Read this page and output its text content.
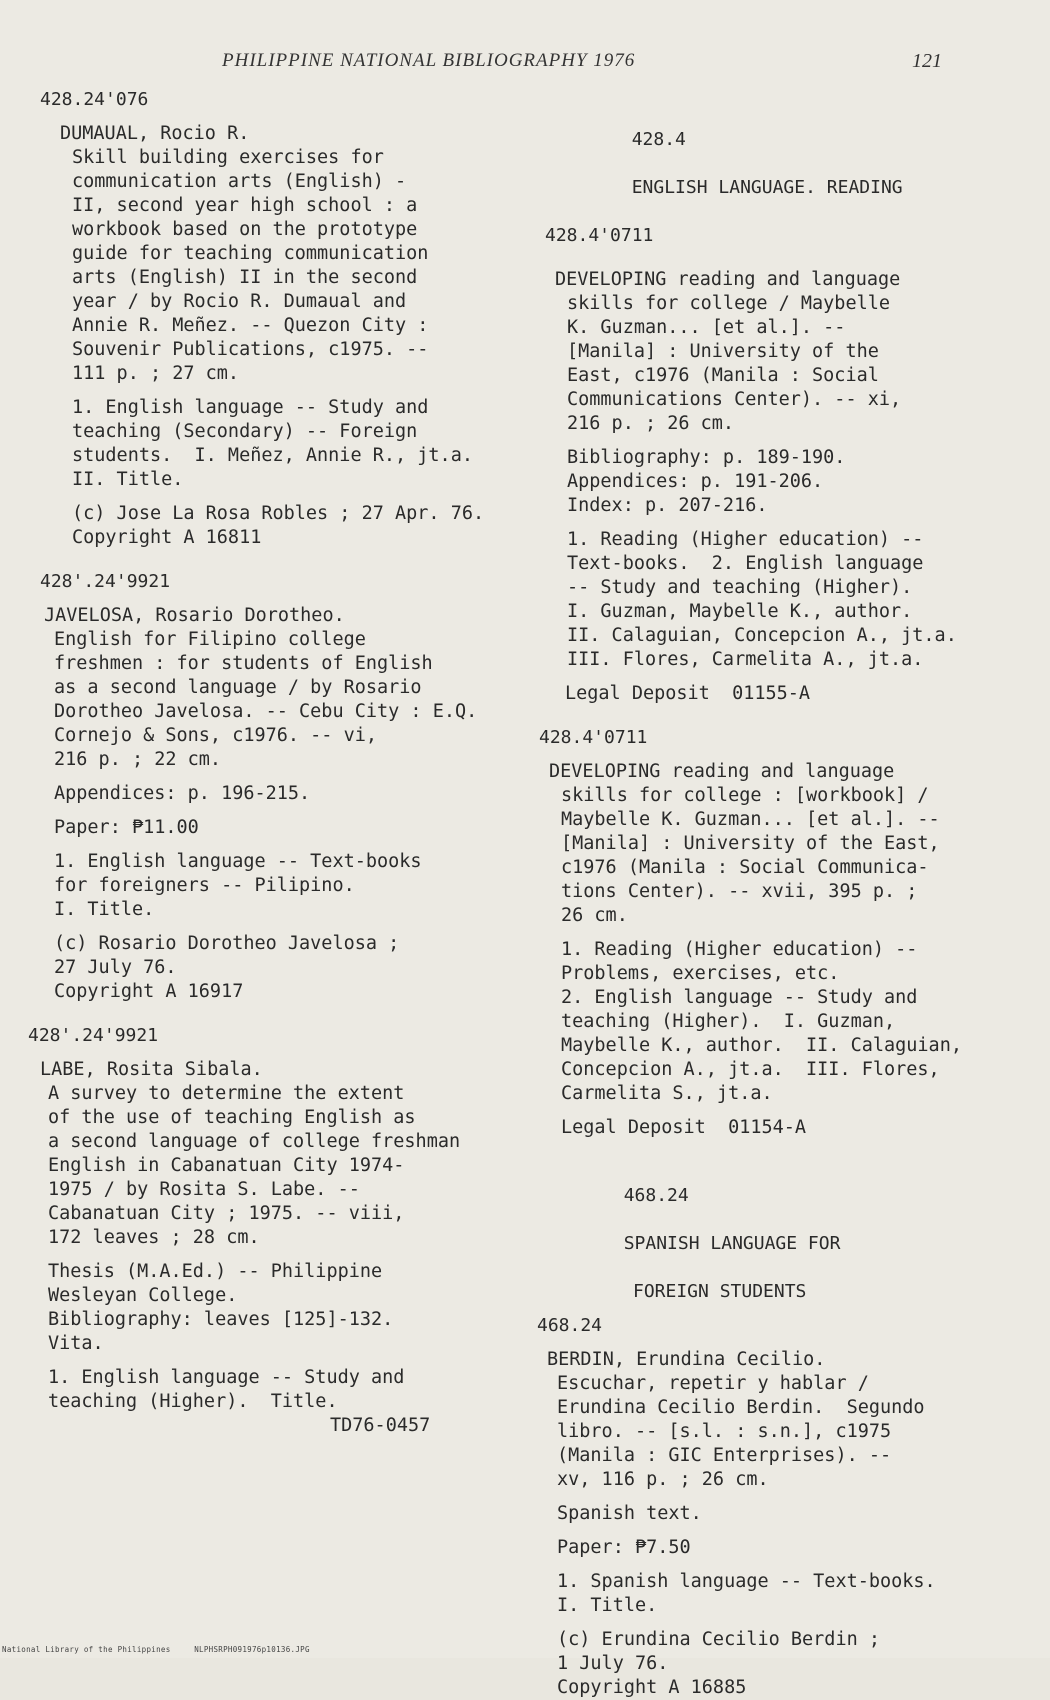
PHILIPPINE NATIONAL BIBLIOGRAPHY 1976	121
428.24'076
DUMAUAL, Rocio R.
Skill building exercises for
communication arts (English) -
II, second year high school : a
workbook based on the prototype
guide for teaching communication
arts (English) II in the second
year / by Rocio R. Dumaual and
Annie R. Meñez. -- Quezon City :
Souvenir Publications, c1975. --
111 p. ; 27 cm.
1. English language -- Study and
teaching (Secondary) -- Foreign
students.  I. Meñez, Annie R., jt.a.
II. Title.
(c) Jose La Rosa Robles ; 27 Apr. 76.
Copyright A 16811
428'.24'9921
JAVELOSA, Rosario Dorotheo.
English for Filipino college
freshmen : for students of English
as a second language / by Rosario
Dorotheo Javelosa. -- Cebu City : E.Q.
Cornejo & Sons, c1976. -- vi,
216 p. ; 22 cm.
Appendices: p. 196-215.
Paper: ₱11.00
1. English language -- Text-books
for foreigners -- Pilipino.
I. Title.
(c) Rosario Dorotheo Javelosa ;
27 July 76.
Copyright A 16917
428'.24'9921
LABE, Rosita Sibala.
A survey to determine the extent
of the use of teaching English as
a second language of college freshman
English in Cabanatuan City 1974-
1975 / by Rosita S. Labe. --
Cabanatuan City ; 1975. -- viii,
172 leaves ; 28 cm.
Thesis (M.A.Ed.) -- Philippine
Wesleyan College.
Bibliography: leaves [125]-132.
Vita.
1. English language -- Study and
teaching (Higher).  Title.
TD76-0457

428.4

ENGLISH LANGUAGE. READING

428.4'0711
DEVELOPING reading and language
skills for college / Maybelle
K. Guzman... [et al.]. --
[Manila] : University of the
East, c1976 (Manila : Social
Communications Center). -- xi,
216 p. ; 26 cm.
Bibliography: p. 189-190.
Appendices: p. 191-206.
Index: p. 207-216.
1. Reading (Higher education) --
Text-books.  2. English language
-- Study and teaching (Higher).
I. Guzman, Maybelle K., author.
II. Calaguian, Concepcion A., jt.a.
III. Flores, Carmelita A., jt.a.
Legal Deposit  01155-A
428.4'0711
DEVELOPING reading and language
skills for college : [workbook] /
Maybelle K. Guzman... [et al.]. --
[Manila] : University of the East,
c1976 (Manila : Social Communica-
tions Center). -- xvii, 395 p. ;
26 cm.
1. Reading (Higher education) --
Problems, exercises, etc.
2. English language -- Study and
teaching (Higher).  I. Guzman,
Maybelle K., author.  II. Calaguian,
Concepcion A., jt.a.  III. Flores,
Carmelita S., jt.a.
Legal Deposit  01154-A

468.24

SPANISH LANGUAGE FOR

FOREIGN STUDENTS
468.24
BERDIN, Erundina Cecilio.
Escuchar, repetir y hablar /
Erundina Cecilio Berdin.  Segundo
libro. -- [s.l. : s.n.], c1975
(Manila : GIC Enterprises). --
xv, 116 p. ; 26 cm.
Spanish text.
Paper: ₱7.50
1. Spanish language -- Text-books.
I. Title.
(c) Erundina Cecilio Berdin ;
1 July 76.
Copyright A 16885
National Library of the Philippines	NLPHSRPH091976p10136.JPG
